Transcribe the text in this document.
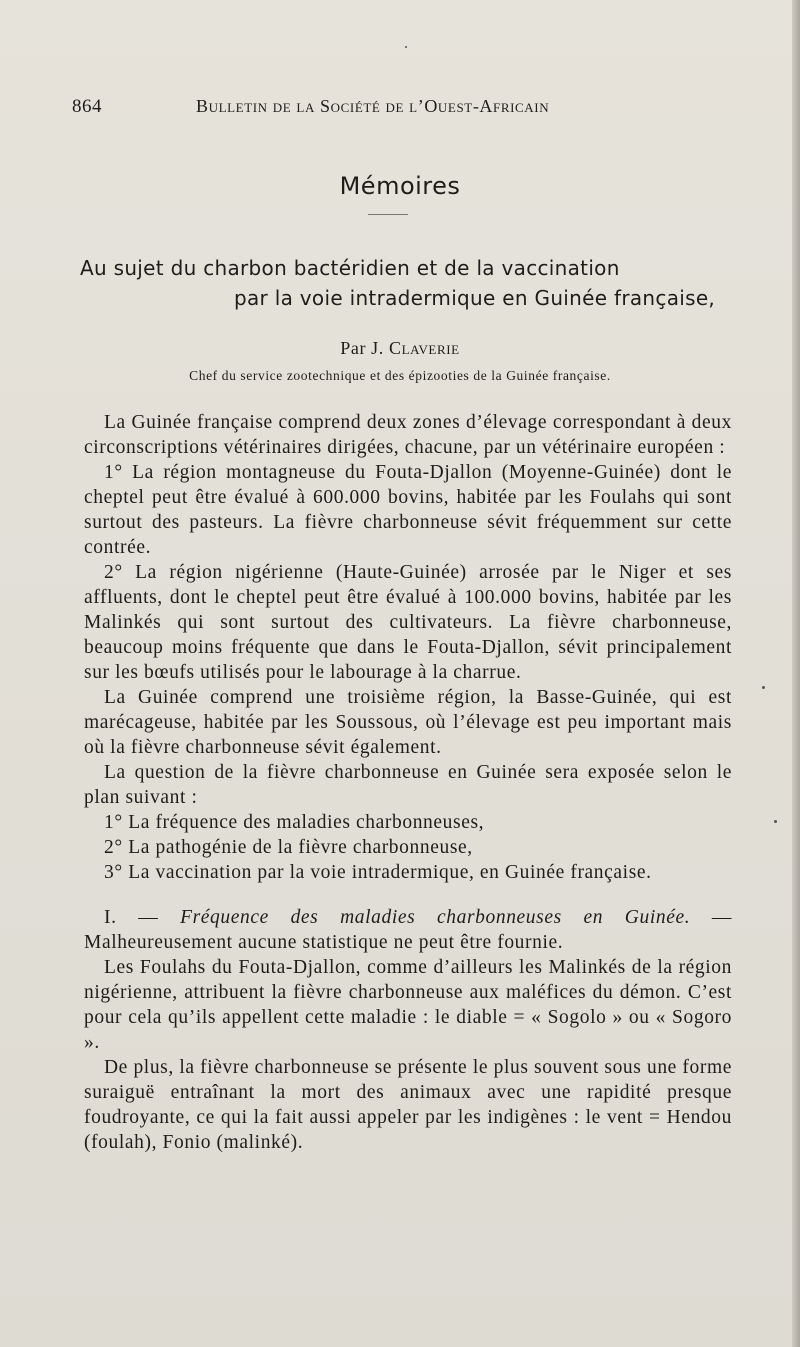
864	Bulletin de la Société de l’Ouest-Africain
Mémoires
Au sujet du charbon bactéridien et de la vaccination
par la voie intradermique en Guinée française,
Par J. Claverie
Chef du service zootechnique et des épizooties de la Guinée française.

La Guinée française comprend deux zones d’élevage correspondant à deux circonscriptions vétérinaires dirigées, chacune, par un vétérinaire européen :

1° La région montagneuse du Fouta-Djallon (Moyenne-Guinée) dont le cheptel peut être évalué à 600.000 bovins, habitée par les Foulahs qui sont surtout des pasteurs. La fièvre charbonneuse sévit fréquemment sur cette contrée.

2° La région nigérienne (Haute-Guinée) arrosée par le Niger et ses affluents, dont le cheptel peut être évalué à 100.000 bovins, habitée par les Malinkés qui sont surtout des cultivateurs. La fièvre charbonneuse, beaucoup moins fréquente que dans le Fouta-Djallon, sévit principalement sur les bœufs utilisés pour le labourage à la charrue.

La Guinée comprend une troisième région, la Basse-Guinée, qui est marécageuse, habitée par les Soussous, où l’élevage est peu important mais où la fièvre charbonneuse sévit également.

La question de la fièvre charbonneuse en Guinée sera exposée selon le plan suivant :

1° La fréquence des maladies charbonneuses,

2° La pathogénie de la fièvre charbonneuse,

3° La vaccination par la voie intradermique, en Guinée française.

I. — Fréquence des maladies charbonneuses en Guinée. — Malheureusement aucune statistique ne peut être fournie.

Les Foulahs du Fouta-Djallon, comme d’ailleurs les Malinkés de la région nigérienne, attribuent la fièvre charbonneuse aux maléfices du démon. C’est pour cela qu’ils appellent cette maladie : le diable = « Sogolo » ou « Sogoro ».

De plus, la fièvre charbonneuse se présente le plus souvent sous une forme suraiguë entraînant la mort des animaux avec une rapidité presque foudroyante, ce qui la fait aussi appeler par les indigènes : le vent = Hendou (foulah), Fonio (malinké).
